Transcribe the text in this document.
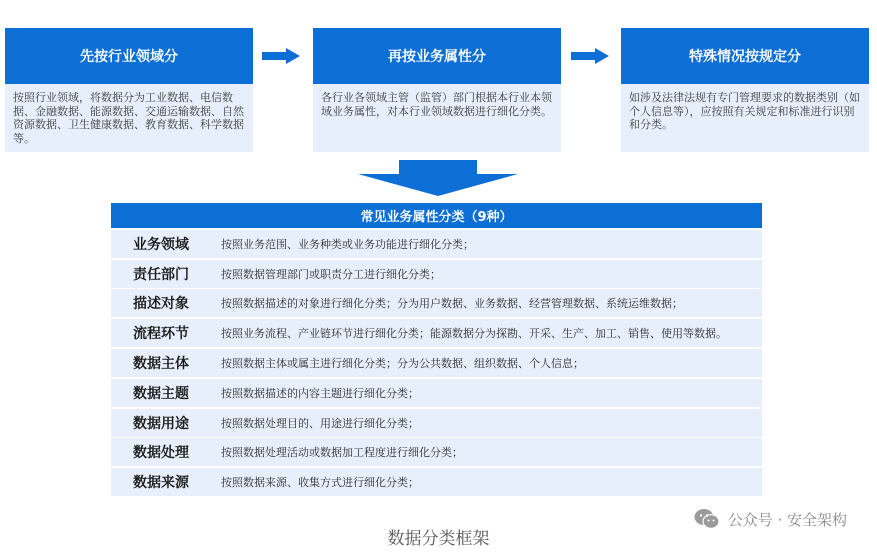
先按行业领域分
按照行业领域，将数据分为工业数据、电信数据、金融数据、能源数据、交通运输数据、自然资源数据、卫生健康数据、教育数据、科学数据等。
再按业务属性分
各行业各领域主管（监管）部门根据本行业本领域业务属性，对本行业领域数据进行细化分类。
特殊情况按规定分
如涉及法律法规有专门管理要求的数据类别（如个人信息等），应按照有关规定和标准进行识别和分类。
常见业务属性分类（9种）
业务领域	按照业务范围、业务种类或业务功能进行细化分类；
责任部门	按照数据管理部门或职责分工进行细化分类；
描述对象	按照数据描述的对象进行细化分类；分为用户数据、业务数据、经营管理数据、系统运维数据；
流程环节	按照业务流程、产业链环节进行细化分类；能源数据分为探勘、开采、生产、加工、销售、使用等数据。
数据主体	按照数据主体或属主进行细化分类；分为公共数据、组织数据、个人信息；
数据主题	按照数据描述的内容主题进行细化分类；
数据用途	按照数据处理目的、用途进行细化分类；
数据处理	按照数据处理活动或数据加工程度进行细化分类；
数据来源	按照数据来源、收集方式进行细化分类；
公众号 · 安全架构
数据分类框架
